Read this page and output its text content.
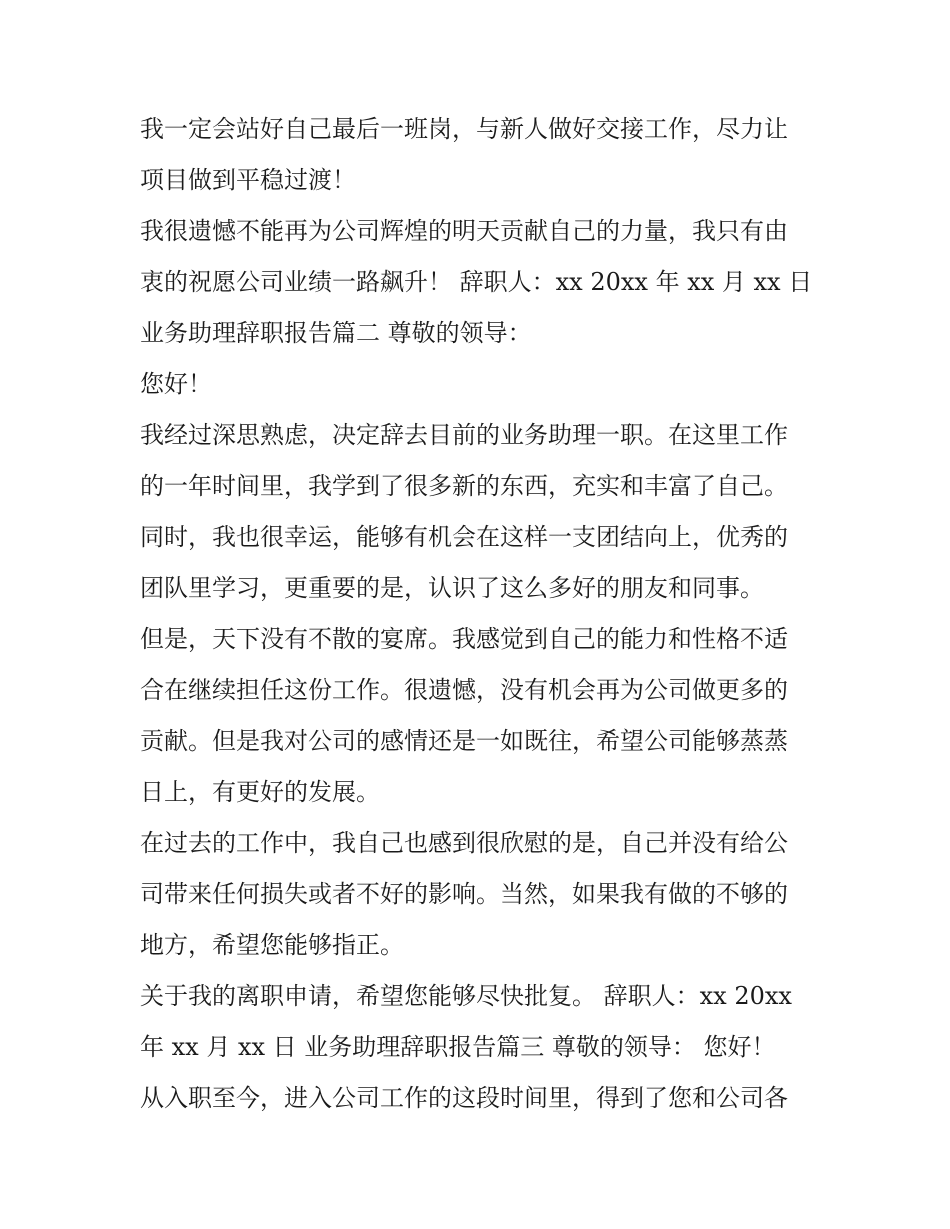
我一定会站好自己最后一班岗，与新人做好交接工作，尽力让
项目做到平稳过渡！
我很遗憾不能再为公司辉煌的明天贡献自己的力量，我只有由
衷的祝愿公司业绩一路飙升！ 辞职人：xx 20xx 年 xx 月 xx 日
业务助理辞职报告篇二 尊敬的领导：
您好！
我经过深思熟虑，决定辞去目前的业务助理一职。在这里工作
的一年时间里，我学到了很多新的东西，充实和丰富了自己。
同时，我也很幸运，能够有机会在这样一支团结向上，优秀的
团队里学习，更重要的是，认识了这么多好的朋友和同事。
但是，天下没有不散的宴席。我感觉到自己的能力和性格不适
合在继续担任这份工作。很遗憾，没有机会再为公司做更多的
贡献。但是我对公司的感情还是一如既往，希望公司能够蒸蒸
日上，有更好的发展。
在过去的工作中，我自己也感到很欣慰的是，自己并没有给公
司带来任何损失或者不好的影响。当然，如果我有做的不够的
地方，希望您能够指正。
关于我的离职申请，希望您能够尽快批复。 辞职人：xx 20xx
年 xx 月 xx 日 业务助理辞职报告篇三 尊敬的领导： 您好！
从入职至今，进入公司工作的这段时间里，得到了您和公司各
